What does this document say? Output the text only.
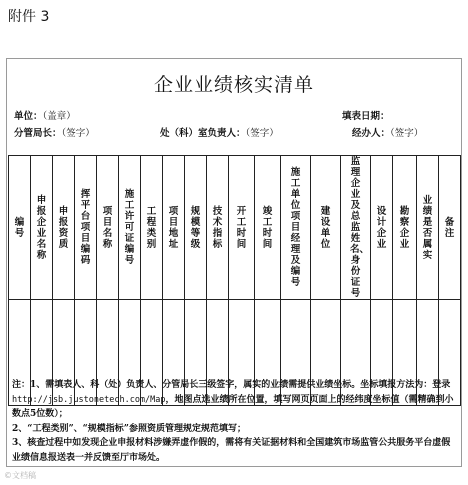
附件 3
企业业绩核实清单
单位：（盖章）	填表日期：
分管局长：（签字）	处（科）室负责人：（签字）	经办人：（签字）
编号	申报企业名称	申报资质	挥平台项目编码	项目名称	施工许可证编号	工程类别	项目地址	规模等级	技术指标	开工时间	竣工时间	施工单位项目经理及编号	建设单位	监理企业及总监姓名、身份证号	设计企业	勘察企业	业绩是否属实	备注

注：1、需填表人、科（处）负责人、分管局长三级签字，属实的业绩需提供业绩坐标。坐标填报方法为：登录http://jsb.justonetech.com/Map，地图点选业绩所在位置，填写网页页面上的经纬度坐标值（需精确到小数点5位数）；

2、“工程类别”、“规模指标”参照资质管理规定规范填写；

3、核查过程中如发现企业申报材料涉嫌弄虚作假的，需将有关证据材料和全国建筑市场监管公共服务平台虚假业绩信息报送表一并反馈至厅市场处。

©文档稿
